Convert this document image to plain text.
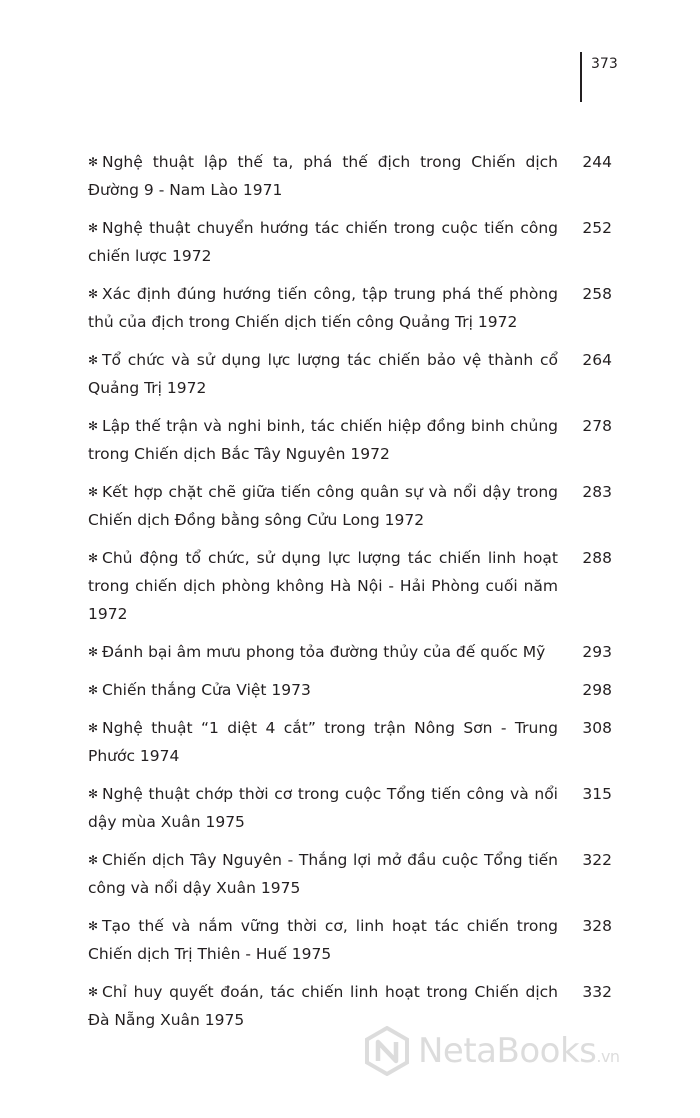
373
✻ Nghệ thuật lập thế ta, phá thế địch trong Chiến dịch Đường 9 - Nam Lào 1971
244
✻ Nghệ thuật chuyển hướng tác chiến trong cuộc tiến công chiến lược 1972
252
✻ Xác định đúng hướng tiến công, tập trung phá thế phòng thủ của địch trong Chiến dịch tiến công Quảng Trị 1972
258
✻ Tổ chức và sử dụng lực lượng tác chiến bảo vệ thành cổ Quảng Trị 1972
264
✻ Lập thế trận và nghi binh, tác chiến hiệp đồng binh chủng trong Chiến dịch Bắc Tây Nguyên 1972
278
✻ Kết hợp chặt chẽ giữa tiến công quân sự và nổi dậy trong Chiến dịch Đồng bằng sông Cửu Long 1972
283
✻ Chủ động tổ chức, sử dụng lực lượng tác chiến linh hoạt trong chiến dịch phòng không Hà Nội - Hải Phòng cuối năm 1972
288
✻ Đánh bại âm mưu phong tỏa đường thủy của đế quốc Mỹ	293
✻ Chiến thắng Cửa Việt 1973	298
✻ Nghệ thuật “1 diệt 4 cắt” trong trận Nông Sơn - Trung Phước 1974
308
✻ Nghệ thuật chớp thời cơ trong cuộc Tổng tiến công và nổi dậy mùa Xuân 1975
315
✻ Chiến dịch Tây Nguyên - Thắng lợi mở đầu cuộc Tổng tiến công và nổi dậy Xuân 1975
322
✻ Tạo thế và nắm vững thời cơ, linh hoạt tác chiến trong Chiến dịch Trị Thiên - Huế 1975
328
✻ Chỉ huy quyết đoán, tác chiến linh hoạt trong Chiến dịch Đà Nẵng Xuân 1975
332
NetaBooks.vn
